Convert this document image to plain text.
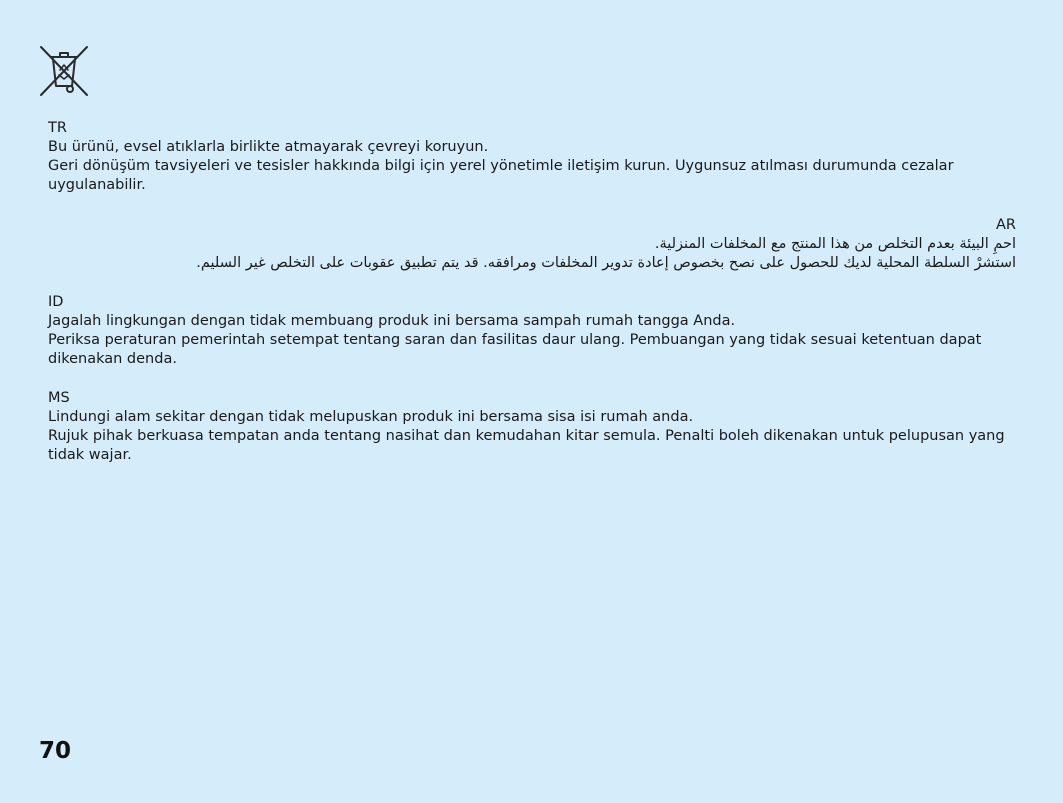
TR
Bu ürünü, evsel atıklarla birlikte atmayarak çevreyi koruyun.
Geri dönüşüm tavsiyeleri ve tesisler hakkında bilgi için yerel yönetimle iletişim kurun. Uygunsuz atılması durumunda cezalar uygulanabilir.
AR
احمِ البيئة بعدم التخلص من هذا المنتج مع المخلفات المنزلية.
استشرْ السلطة المحلية لديك للحصول على نصح بخصوص إعادة تدوير المخلفات ومرافقه. قد يتم تطبيق عقوبات على التخلص غير السليم.
ID
Jagalah lingkungan dengan tidak membuang produk ini bersama sampah rumah tangga Anda.
Periksa peraturan pemerintah setempat tentang saran dan fasilitas daur ulang. Pembuangan yang tidak sesuai ketentuan dapat dikenakan denda.
MS
Lindungi alam sekitar dengan tidak melupuskan produk ini bersama sisa isi rumah anda.
Rujuk pihak berkuasa tempatan anda tentang nasihat dan kemudahan kitar semula. Penalti boleh dikenakan untuk pelupusan yang tidak wajar.
70
